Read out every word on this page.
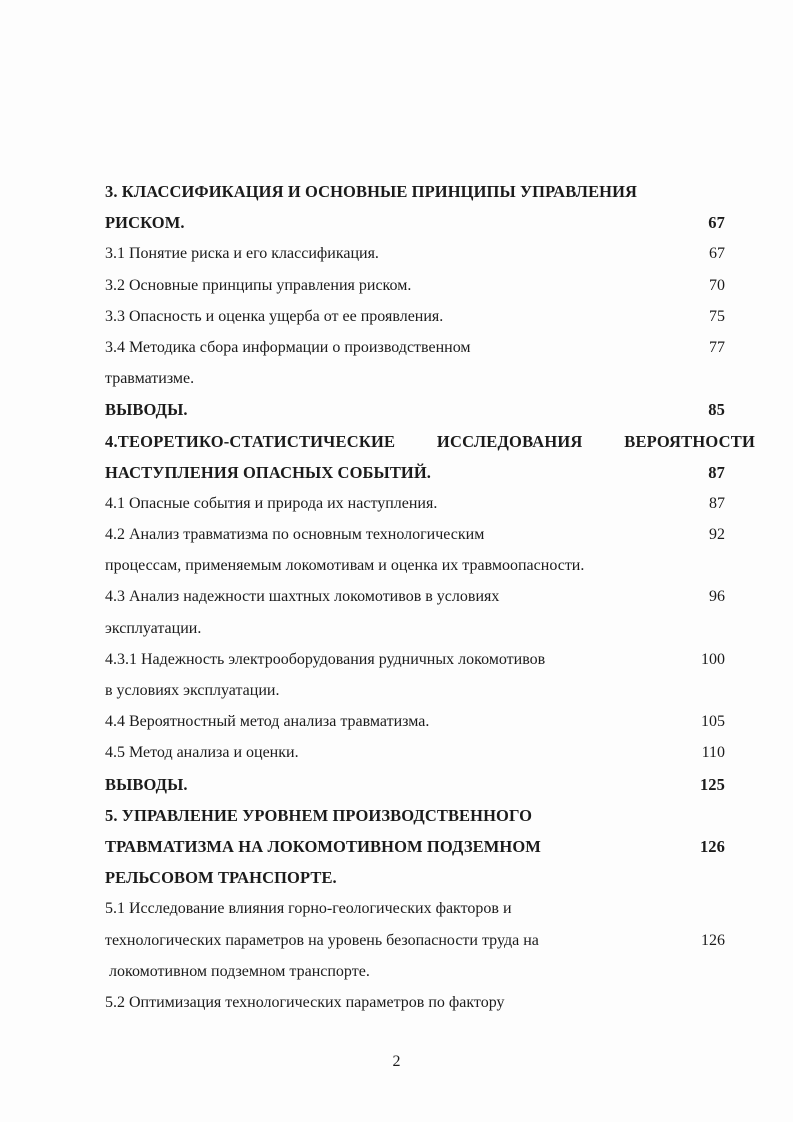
3. КЛАССИФИКАЦИЯ И ОСНОВНЫЕ ПРИНЦИПЫ УПРАВЛЕНИЯ
РИСКОМ.	67
3.1 Понятие риска и его классификация.	67
3.2 Основные принципы управления риском.	70
3.3 Опасность и оценка ущерба от ее проявления.	75
3.4 Методика сбора информации о производственном	77
травматизме.
ВЫВОДЫ.	85
4.ТЕОРЕТИКО-СТАТИСТИЧЕСКИЕ ИССЛЕДОВАНИЯ ВЕРОЯТНОСТИ
НАСТУПЛЕНИЯ ОПАСНЫХ СОБЫТИЙ.	87
4.1 Опасные события и природа их наступления.	87
4.2 Анализ травматизма по основным технологическим	92
процессам, применяемым локомотивам и оценка их травмоопасности.
4.3 Анализ надежности шахтных локомотивов в условиях	96
эксплуатации.
4.3.1 Надежность электрооборудования рудничных локомотивов	100
в условиях эксплуатации.
4.4 Вероятностный метод анализа травматизма.	105
4.5 Метод анализа и оценки.	110
ВЫВОДЫ.	125
5. УПРАВЛЕНИЕ УРОВНЕМ ПРОИЗВОДСТВЕННОГО
ТРАВМАТИЗМА НА ЛОКОМОТИВНОМ ПОДЗЕМНОМ	126
РЕЛЬСОВОМ ТРАНСПОРТЕ.
5.1 Исследование влияния горно-геологических факторов и
технологических параметров на уровень безопасности труда на	126
локомотивном подземном транспорте.
5.2 Оптимизация технологических параметров по фактору
2
